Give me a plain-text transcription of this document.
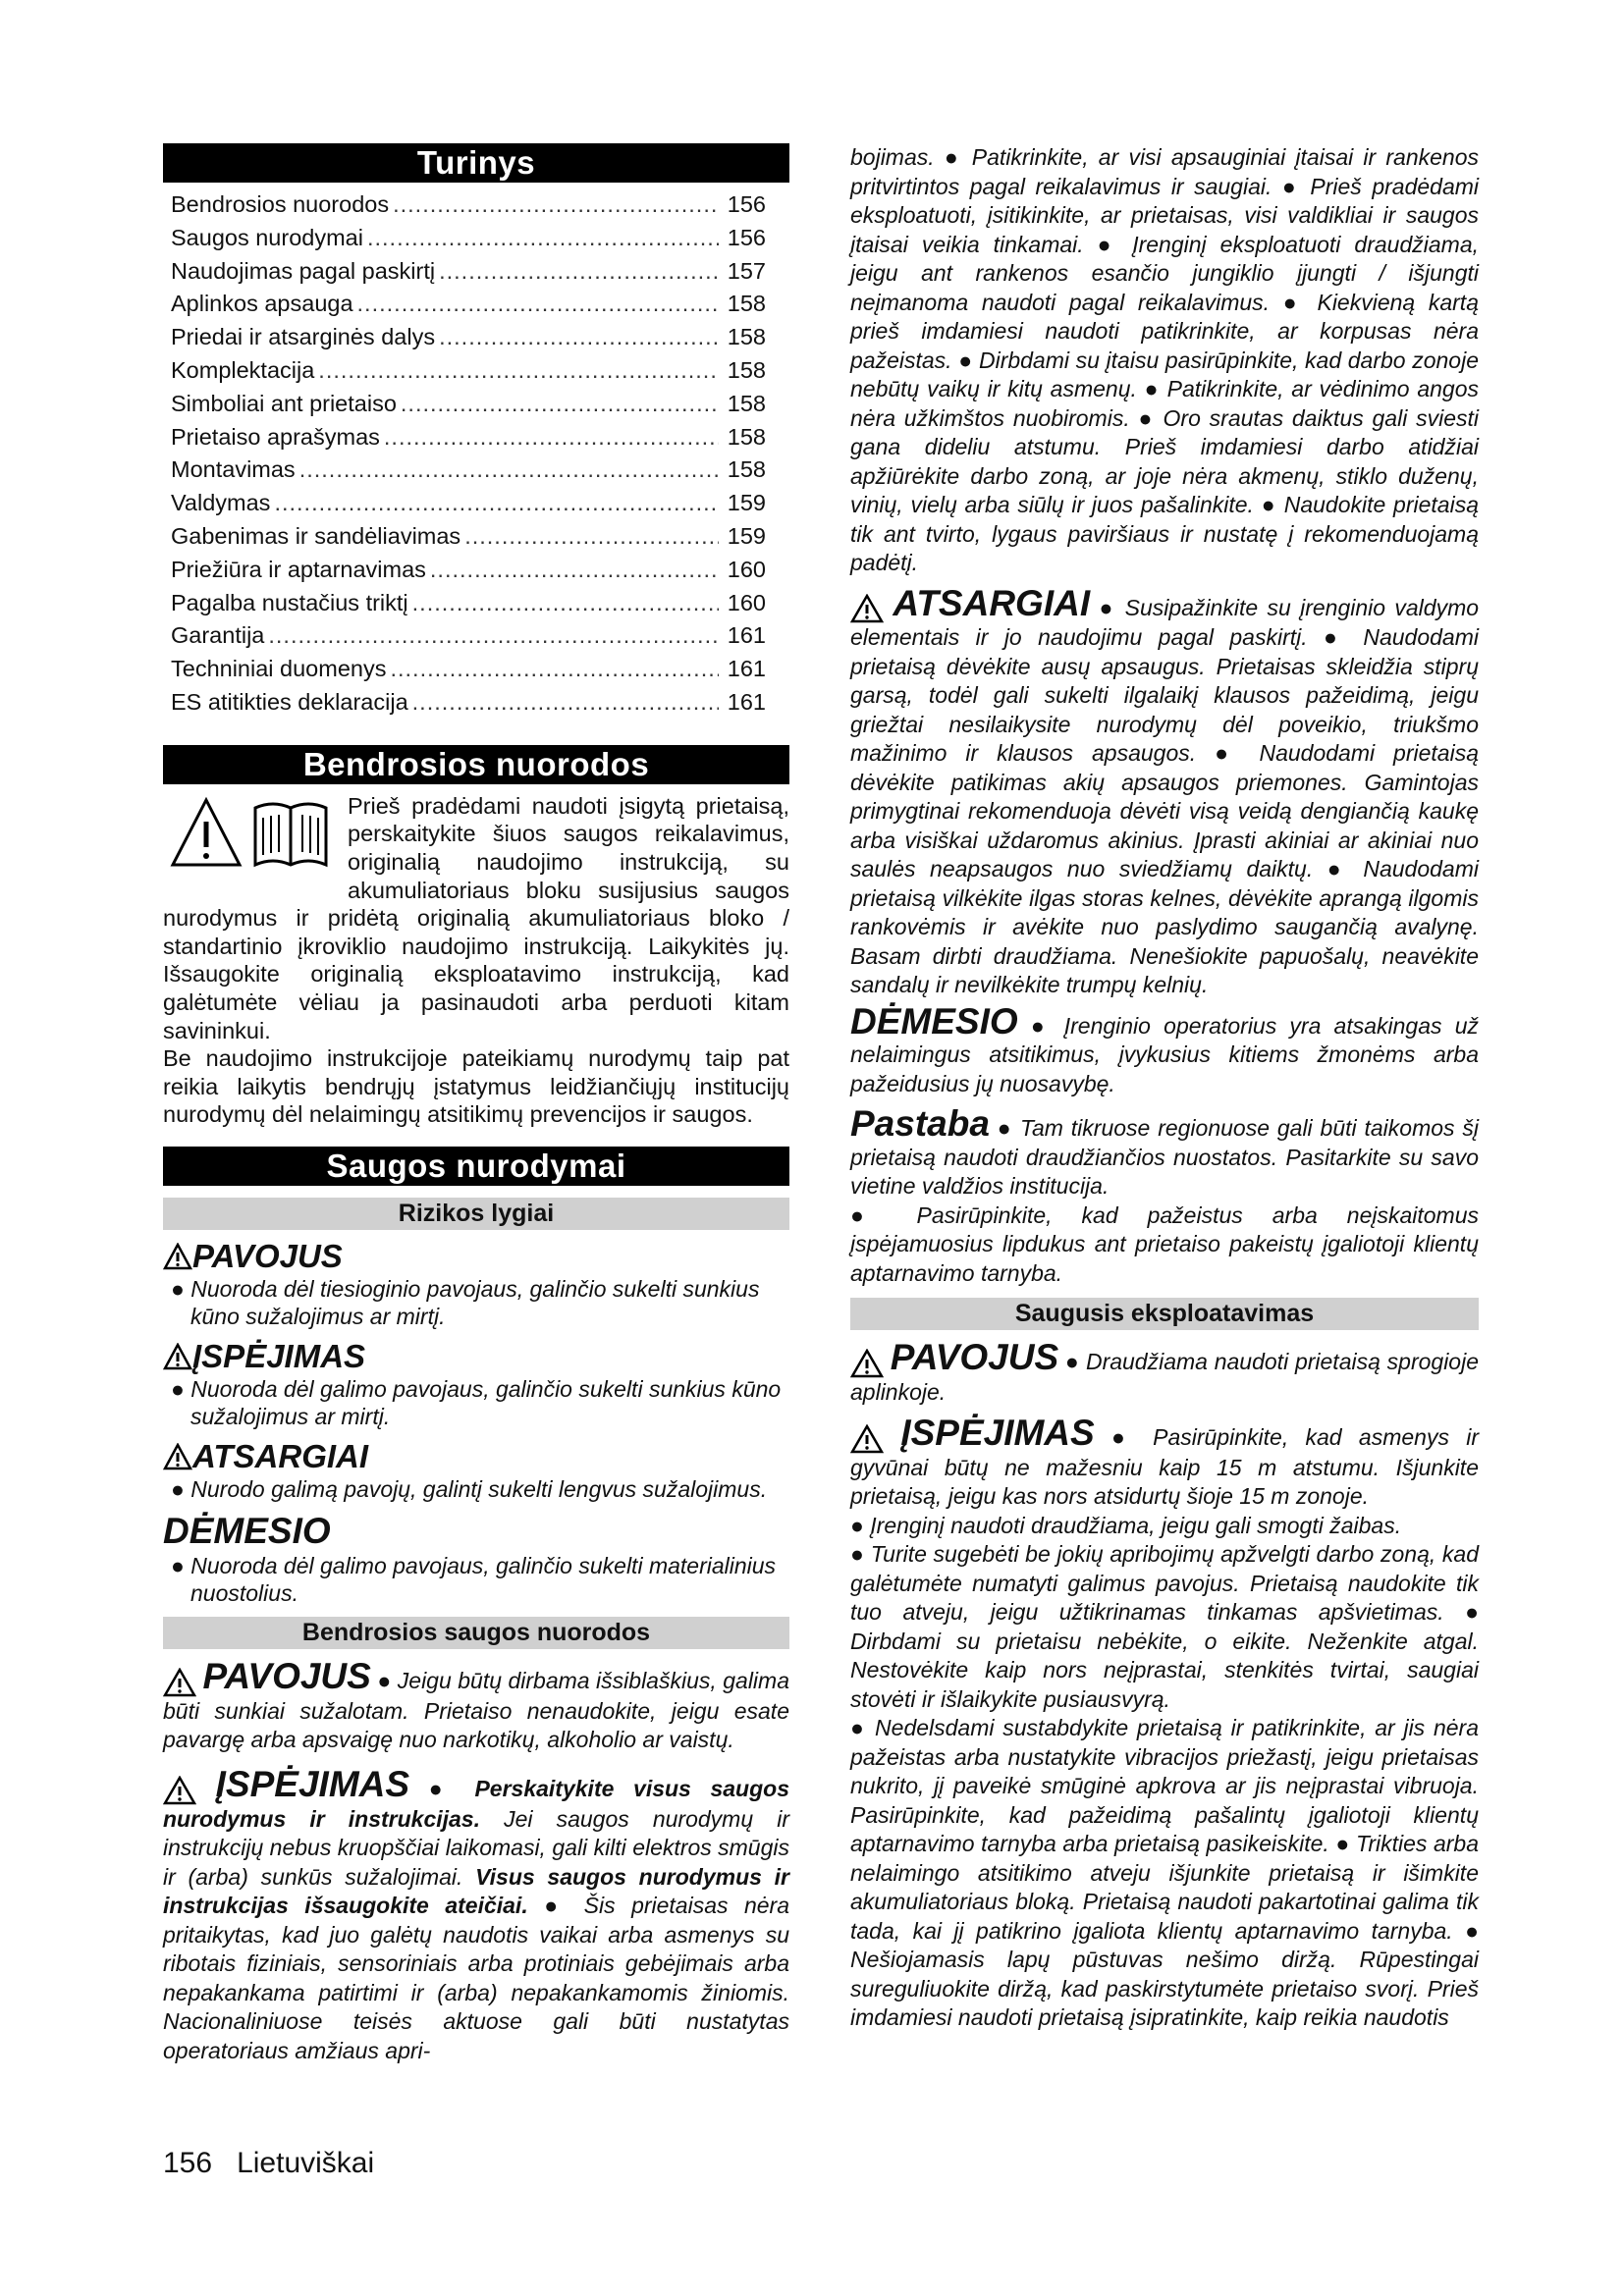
Turinys
Bendrosios nuorodos .....	156
Saugos nurodymai .....	156
Naudojimas pagal paskirtį .....	157
Aplinkos apsauga .....	158
Priedai ir atsarginės dalys .....	158
Komplektacija .....	158
Simboliai ant prietaiso .....	158
Prietaiso aprašymas .....	158
Montavimas .....	158
Valdymas .....	159
Gabenimas ir sandėliavimas .....	159
Priežiūra ir aptarnavimas .....	160
Pagalba nustačius triktį .....	160
Garantija .....	161
Techniniai duomenys .....	161
ES atitikties deklaracija .....	161
Bendrosios nuorodos

Prieš pradėdami naudoti įsigytą prietaisą, perskaitykite šiuos saugos reikalavimus, originalią naudojimo instrukciją, su akumuliatoriaus bloku susijusius saugos nurodymus ir pridėtą originalią akumuliatoriaus bloko / standartinio įkroviklio naudojimo instrukciją. Laikykitės jų. Išsaugokite originalią eksploatavimo instrukciją, kad galėtumėte vėliau ja pasinaudoti arba perduoti kitam savininkui.

Be naudojimo instrukcijoje pateikiamų nurodymų taip pat reikia laikytis bendrųjų įstatymus leidžiančiųjų institucijų nurodymų dėl nelaimingų atsitikimų prevencijos ir saugos.

Saugos nurodymai
Rizikos lygiai
PAVOJUS

● Nuoroda dėl tiesioginio pavojaus, galinčio sukelti sunkius kūno sužalojimus ar mirtį.

ĮSPĖJIMAS

● Nuoroda dėl galimo pavojaus, galinčio sukelti sunkius kūno sužalojimus ar mirtį.

ATSARGIAI

● Nurodo galimą pavojų, galintį sukelti lengvus sužalojimus.

DĖMESIO

● Nuoroda dėl galimo pavojaus, galinčio sukelti materialinius nuostolius.

Bendrosios saugos nuorodos

PAVOJUS ● Jeigu būtų dirbama išsiblaškius, galima būti sunkiai sužalotam. Prietaiso nenaudokite, jeigu esate pavargę arba apsvaigę nuo narkotikų, alkoholio ar vaistų.

ĮSPĖJIMAS ● Perskaitykite visus saugos nurodymus ir instrukcijas. Jei saugos nurodymų ir instrukcijų nebus kruopščiai laikomasi, gali kilti elektros smūgis ir (arba) sunkūs sužalojimai. Visus saugos nurodymus ir instrukcijas išsaugokite ateičiai. ● Šis prietaisas nėra pritaikytas, kad juo galėtų naudotis vaikai arba asmenys su ribotais fiziniais, sensoriniais arba protiniais gebėjimais arba nepakankama patirtimi ir (arba) nepakankamomis žiniomis. Nacionaliniuose teisės aktuose gali būti nustatytas operatoriaus amžiaus apri-

bojimas. ● Patikrinkite, ar visi apsauginiai įtaisai ir rankenos pritvirtintos pagal reikalavimus ir saugiai. ● Prieš pradėdami eksploatuoti, įsitikinkite, ar prietaisas, visi valdikliai ir saugos įtaisai veikia tinkamai. ● Įrenginį eksploatuoti draudžiama, jeigu ant rankenos esančio jungiklio įjungti / išjungti neįmanoma naudoti pagal reikalavimus. ● Kiekvieną kartą prieš imdamiesi naudoti patikrinkite, ar korpusas nėra pažeistas. ● Dirbdami su įtaisu pasirūpinkite, kad darbo zonoje nebūtų vaikų ir kitų asmenų. ● Patikrinkite, ar vėdinimo angos nėra užkimštos nuobiromis. ● Oro srautas daiktus gali sviesti gana dideliu atstumu. Prieš imdamiesi darbo atidžiai apžiūrėkite darbo zoną, ar joje nėra akmenų, stiklo duženų, vinių, vielų arba siūlų ir juos pašalinkite. ● Naudokite prietaisą tik ant tvirto, lygaus paviršiaus ir nustatę į rekomenduojamą padėtį.

ATSARGIAI ● Susipažinkite su įrenginio valdymo elementais ir jo naudojimu pagal paskirtį. ● Naudodami prietaisą dėvėkite ausų apsaugus. Prietaisas skleidžia stiprų garsą, todėl gali sukelti ilgalaikį klausos pažeidimą, jeigu griežtai nesilaikysite nurodymų dėl poveikio, triukšmo mažinimo ir klausos apsaugos. ● Naudodami prietaisą dėvėkite patikimas akių apsaugos priemones. Gamintojas primygtinai rekomenduoja dėvėti visą veidą dengiančią kaukę arba visiškai uždaromus akinius. Įprasti akiniai ar akiniai nuo saulės neapsaugos nuo sviedžiamų daiktų. ● Naudodami prietaisą vilkėkite ilgas storas kelnes, dėvėkite aprangą ilgomis rankovėmis ir avėkite nuo paslydimo saugančią avalynę. Basam dirbti draudžiama. Nenešiokite papuošalų, neavėkite sandalų ir nevilkėkite trumpų kelnių.

DĖMESIO ● Įrenginio operatorius yra atsakingas už nelaimingus atsitikimus, įvykusius kitiems žmonėms arba pažeidusius jų nuosavybę.

Pastaba ● Tam tikruose regionuose gali būti taikomos šį prietaisą naudoti draudžiančios nuostatos. Pasitarkite su savo vietine valdžios institucija.

● Pasirūpinkite, kad pažeistus arba neįskaitomus įspėjamuosius lipdukus ant prietaiso pakeistų įgaliotoji klientų aptarnavimo tarnyba.

Saugusis eksploatavimas

PAVOJUS ● Draudžiama naudoti prietaisą sprogioje aplinkoje.

ĮSPĖJIMAS ● Pasirūpinkite, kad asmenys ir gyvūnai būtų ne mažesniu kaip 15 m atstumu. Išjunkite prietaisą, jeigu kas nors atsidurtų šioje 15 m zonoje.

● Įrenginį naudoti draudžiama, jeigu gali smogti žaibas.

● Turite sugebėti be jokių apribojimų apžvelgti darbo zoną, kad galėtumėte numatyti galimus pavojus. Prietaisą naudokite tik tuo atveju, jeigu užtikrinamas tinkamas apšvietimas. ● Dirbdami su prietaisu nebėkite, o eikite. Neženkite atgal. Nestovėkite kaip nors neįprastai, stenkitės tvirtai, saugiai stovėti ir išlaikykite pusiausvyrą.

● Nedelsdami sustabdykite prietaisą ir patikrinkite, ar jis nėra pažeistas arba nustatykite vibracijos priežastį, jeigu prietaisas nukrito, jį paveikė smūginė apkrova ar jis neįprastai vibruoja. Pasirūpinkite, kad pažeidimą pašalintų įgaliotoji klientų aptarnavimo tarnyba arba prietaisą pasikeiskite. ● Trikties arba nelaimingo atsitikimo atveju išjunkite prietaisą ir išimkite akumuliatoriaus bloką. Prietaisą naudoti pakartotinai galima tik tada, kai jį patikrino įgaliota klientų aptarnavimo tarnyba. ● Nešiojamasis lapų pūstuvas nešimo diržą. Rūpestingai sureguliuokite diržą, kad paskirstytumėte prietaiso svorį. Prieš imdamiesi naudoti prietaisą įsipratinkite, kaip reikia naudotis

156 Lietuviškai
